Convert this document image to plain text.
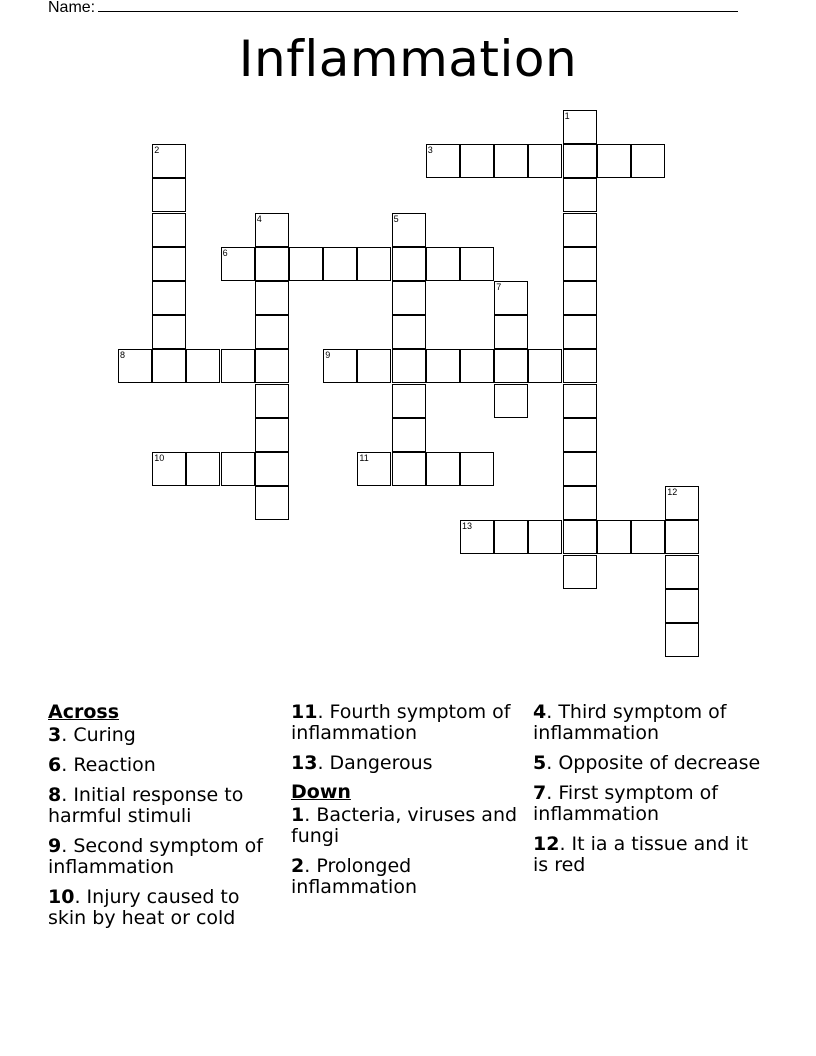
Name:
Inflammation
1
2	3
4	5
6
7
8	9
10	11
12
13
Across
3. Curing
6. Reaction
8. Initial response to harmful stimuli
9. Second symptom of inflammation
10. Injury caused to skin by heat or cold
11. Fourth symptom of inflammation
13. Dangerous
Down
1. Bacteria, viruses and fungi
2. Prolonged inflammation
4. Third symptom of inflammation
5. Opposite of decrease
7. First symptom of inflammation
12. It ia a tissue and it is red
